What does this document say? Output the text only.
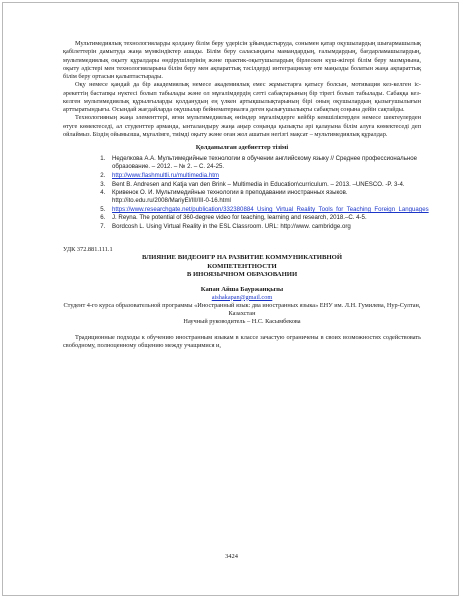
Мультимедиялық технологияларды қолдану білім беру үдерісін ұйымдастыруда, сонымен қатар оқушылардың шығармашылық қабілеттерін дамытуда жаңа мүмкіндіктер ашады. Білім беру саласындағы мамандардың, ғалымдардың, бағдарламашылардың, мультимедиялық оқыту құралдары өндірушілерінің және практик-оқытушылардың бірлескен күш-жігері білім беру мазмұнына, оқыту әдістері мен технологияларына білім беру мен ақпараттық тәсілдерді интеграциялау өте маңызды болатын жаңа ақпараттық білім беру ортасын қалыптастырады.

Оқу немесе қандай да бір академиялық немесе академиялық емес жұмыстарға қатысу болсын, мотивация кез-келген іс-әрекеттің бастапқы нүктесі болып табылады және ол мұғалімдердің сәтті сабақтарының бір тірегі болып табылады. Сабаққа кез-келген мультимедиялық құрылғыларды қолданудың ең үлкен артықшылықтарының бірі оның оқушылардың қызығушылығын арттыратындығы. Осындай жағдайларда оқушылар бейнематериалға деген қызығушылықты сабақтың соңына дейін сақтайды.

Технологияның жаңа элементтері, яғни мультимедиялық өнімдер мұғалімдерге кейбір кемшіліктерден немесе шектеулерден өтуге көмектеседі, ал студенттер арманда, ынталандыру жаңа аңыр соңында қызықты әрі қалауына білім алуға көмектеседі деп ойлаймыз. Біздің ойымызша, мұғалімге, тиімді оқыту және оған жол ашатын негізгі мақсат – мультимедиялық құралдар.

Қолданылған әдебиеттер тізімі
1. Неделкова А.А. Мультимедийные технологии в обучении английскому языку // Среднее профессиональное образование. – 2012. – № 2. – С. 24-25.
2. http://www.flashmultli.ru/multimedia.htm
3. Bent B. Andresen and Katja van den Brink – Multimedia in Education\curriculum. – 2013. –UNESCO. -P. 3-4.
4. Кривенок О. И. Мультимедийные технологии в преподавании иностранных языков. http://ito.edu.ru/2008/MariyEl/III/III-0-16.html
5. https://www.researchgate.net/publication/332380884_Using_Virtual_Reality_Tools_for_Teaching_Foreign_Languages
6. J. Reyna. The potential of 360-degree video for teaching, learning and research, 2018.–C. 4-5.
7. Bordcosh L. Using Virtual Reality in the ESL Classroom. URL: http://www. cambridge.org
УДК 372.881.111.1
ВЛИЯНИЕ ВИДЕОИГР НА РАЗВИТИЕ КОММУНИКАТИВНОЙ
КОМПЕТЕНТНОСТИ
В ИНОЯЗЫЧНОМ ОБРАЗОВАНИИ
Капан Айша Бауржанқызы
aishakapan@gmail.com
Студент 4-го курса образовательной программы «Иностранный язык: два иностранных языка» ЕНУ им. Л.Н. Гумилева, Нур-Султан, Казахстан
Научный руководитель – Н.С. Касымбекова

Традиционные подходы к обучению иностранным языкам в классе зачастую ограничены в своих возможностях содействовать свободному, полноценному общению между учащимися и,

3424
